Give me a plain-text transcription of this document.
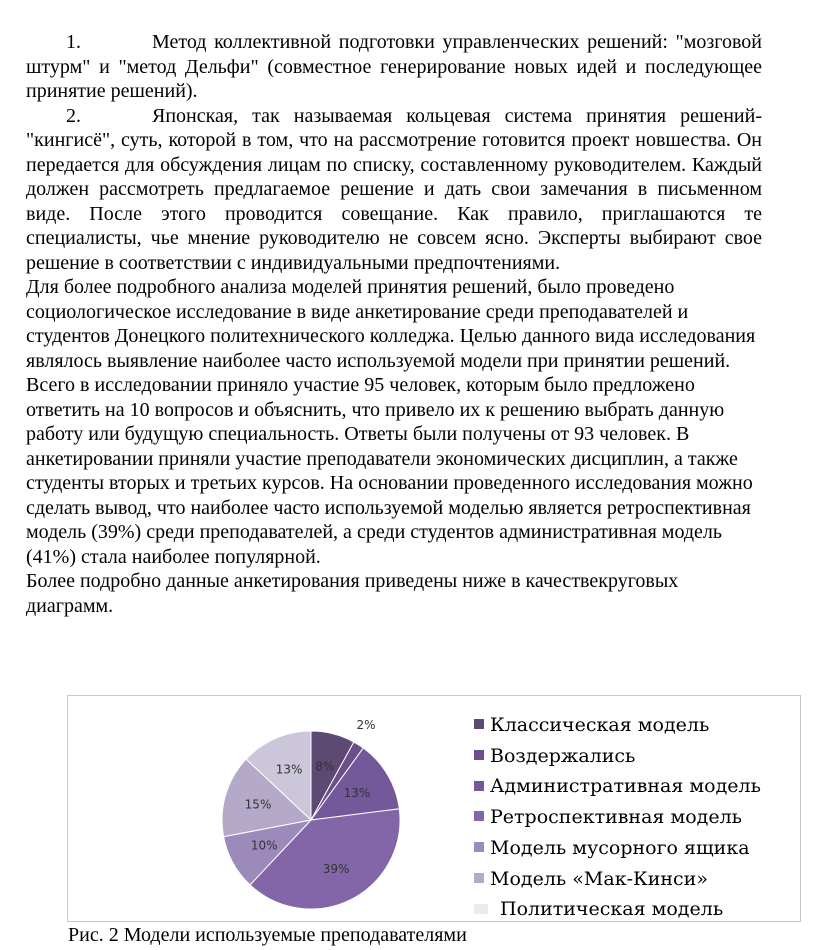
1.	Метод коллективной подготовки управленческих решений: "мозговой штурм" и "метод Дельфи" (совместное генерирование новых идей и последующее принятие решений).

2.	Японская, так называемая кольцевая система принятия решений- "кингисё", суть, которой в том, что на рассмотрение готовится проект новшества. Он передается для обсуждения лицам по списку, составленному руководителем. Каждый должен рассмотреть предлагаемое решение и дать свои замечания в письменном виде. После этого проводится совещание. Как правило, приглашаются те специалисты, чье мнение руководителю не совсем ясно. Эксперты выбирают свое решение в соответствии с индивидуальными предпочтениями.

Для более подробного анализа моделей принятия решений, было проведено социологическое исследование в виде анкетирование среди преподавателей и студентов Донецкого политехнического колледжа. Целью данного вида исследования являлось выявление наиболее часто используемой модели при принятии решений. Всего в исследовании приняло участие 95 человек, которым было предложено ответить на 10 вопросов и объяснить, что привело их к решению выбрать данную работу или будущую специальность. Ответы были получены от 93 человек. В анкетировании приняли участие преподаватели экономических дисциплин, а также студенты вторых и третьих курсов. На основании проведенного исследования можно сделать вывод, что наиболее часто используемой моделью является ретроспективная модель (39%) среди преподавателей, а среди студентов административная модель (41%) стала наиболее популярной.

Более подробно данные анкетирования приведены ниже в качествекруговых диаграмм.

8%
2%
13%
39%
10%
15%
13%
Классическая модель
Воздержались
Административная модель
Ретроспективная модель
Модель мусорного ящика
Модель «Мак-Кинси»
Политическая модель
Рис. 2 Модели используемые преподавателями
